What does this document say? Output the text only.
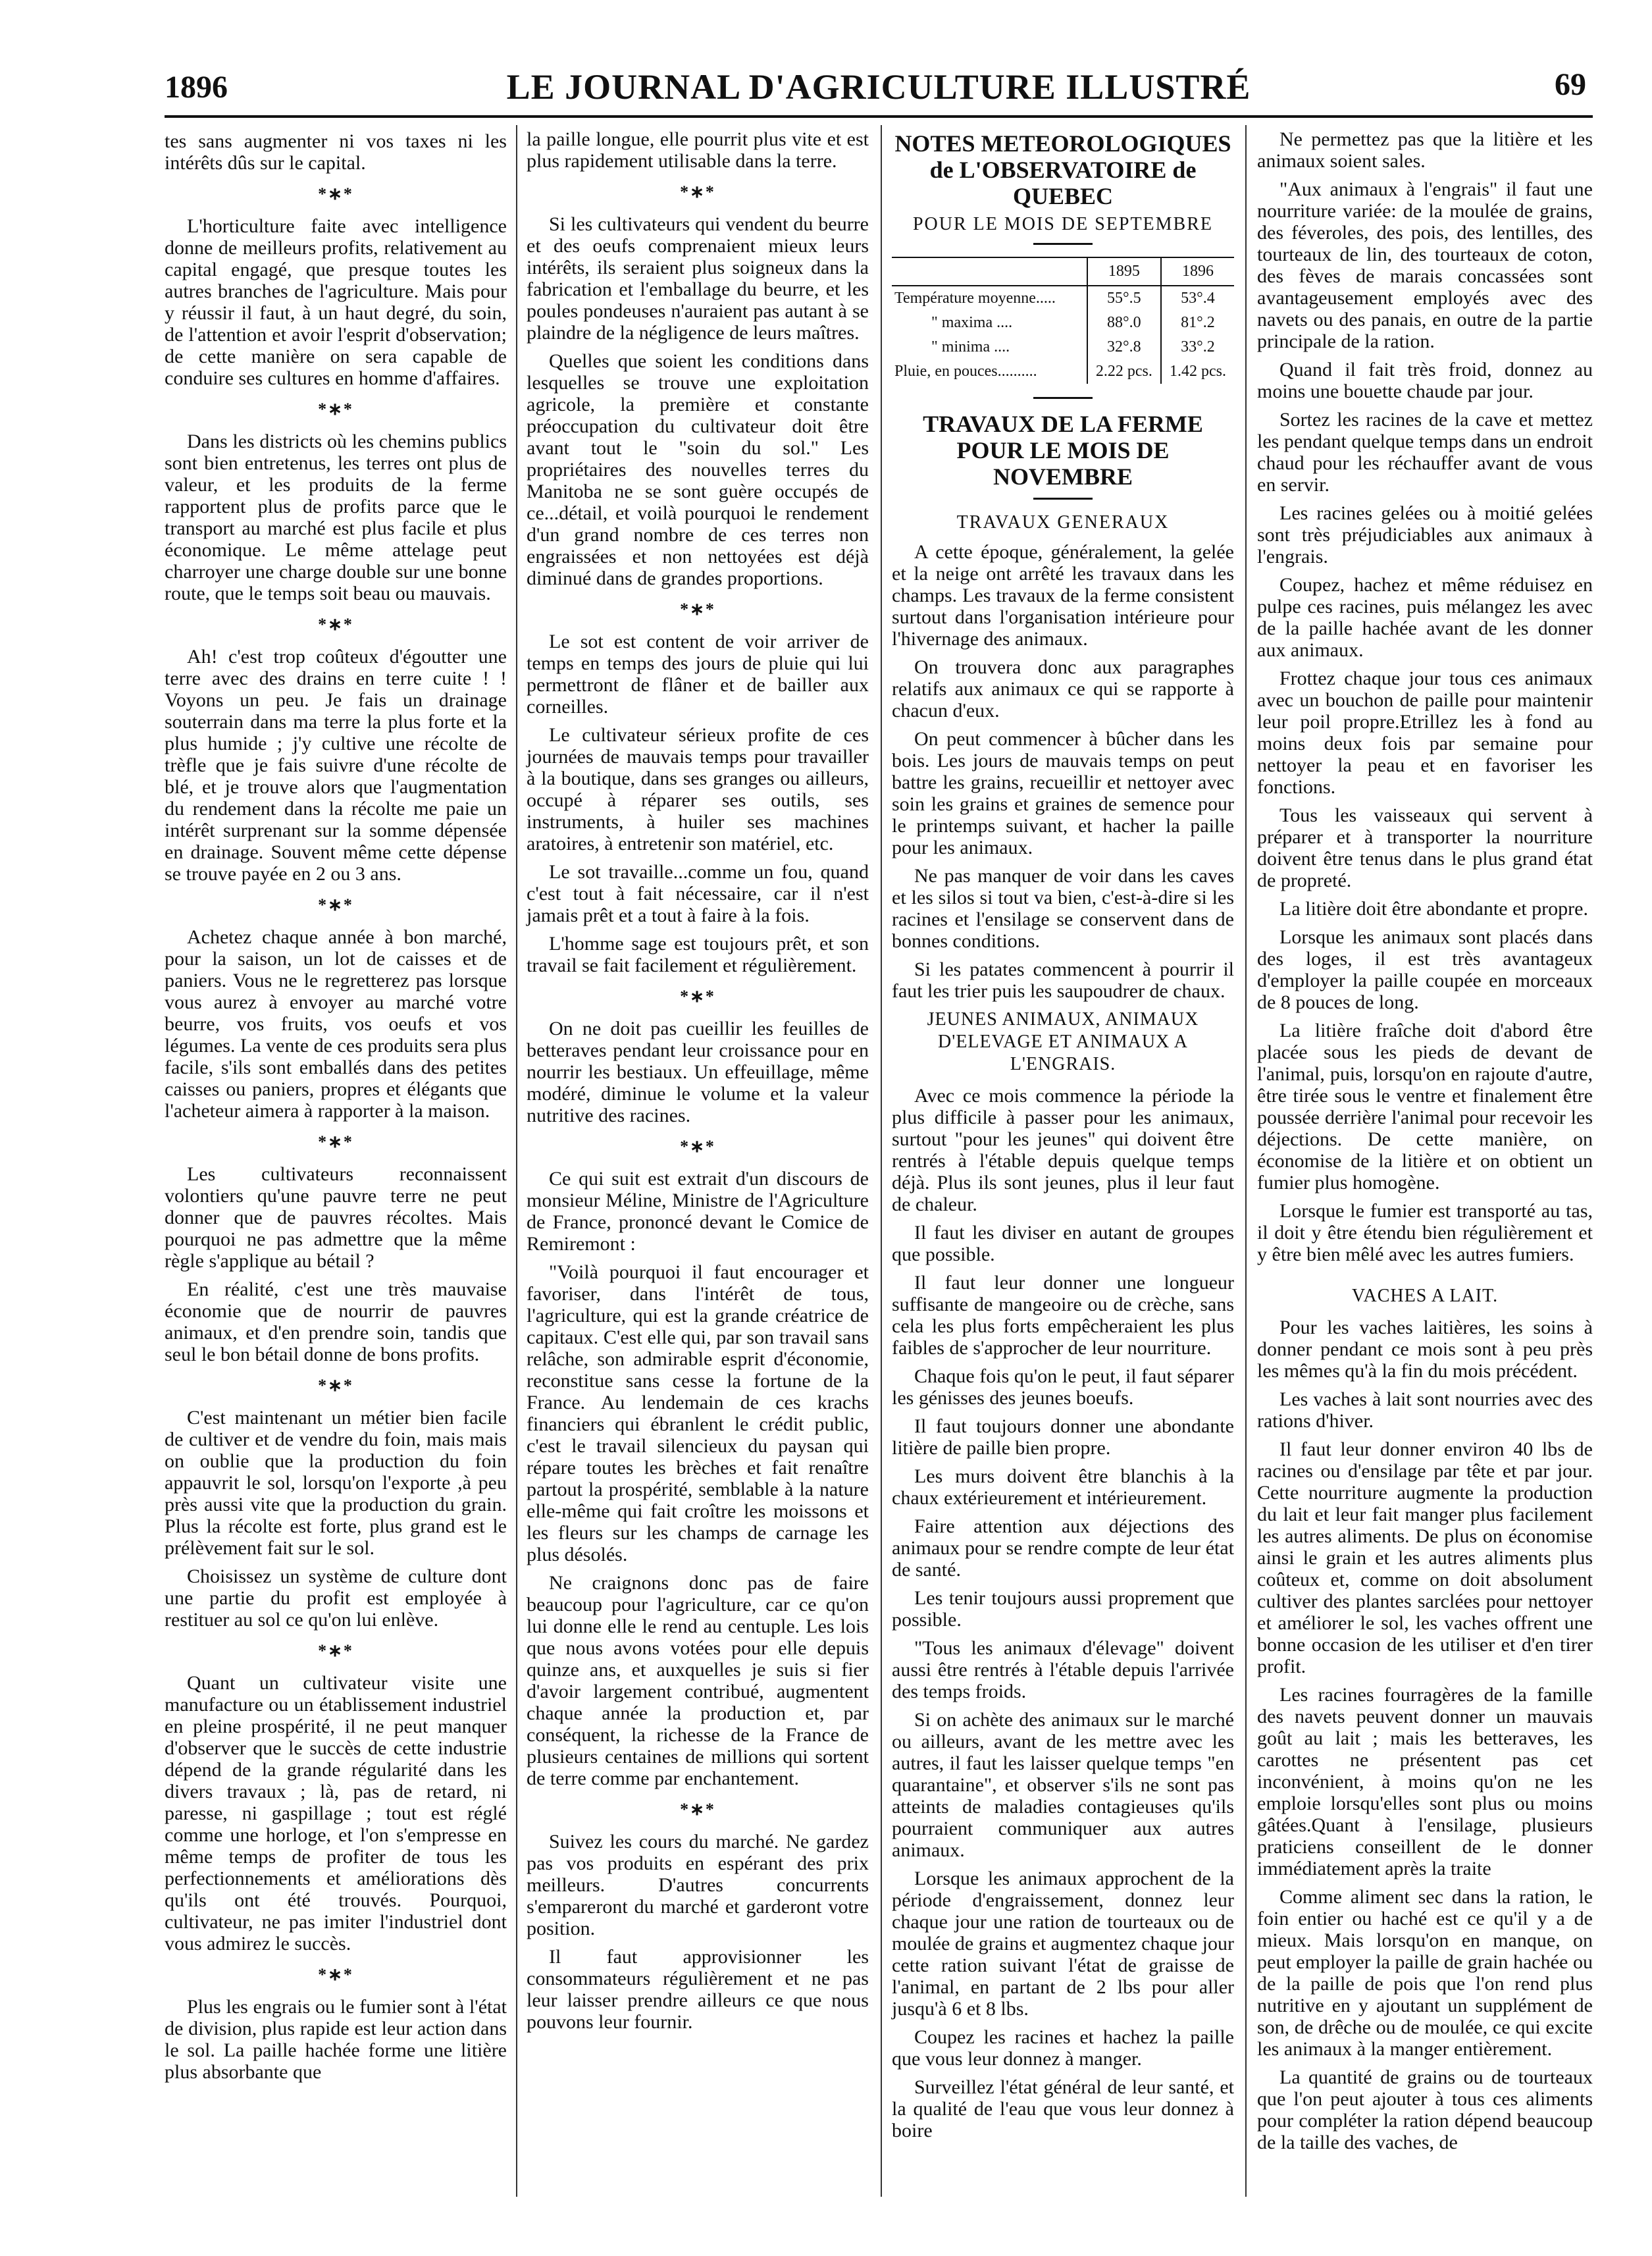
1896	LE JOURNAL D'AGRICULTURE ILLUSTRÉ	69

tes sans augmenter ni vos taxes ni les intérêts dûs sur le capital.

*∗*

L'horticulture faite avec intelligence donne de meilleurs profits, relativement au capital engagé, que presque toutes les autres branches de l'agriculture. Mais pour y réussir il faut, à un haut degré, du soin, de l'attention et avoir l'esprit d'observation; de cette manière on sera capable de conduire ses cultures en homme d'affaires.

*∗*

Dans les districts où les chemins publics sont bien entretenus, les terres ont plus de valeur, et les produits de la ferme rapportent plus de profits parce que le transport au marché est plus facile et plus économique. Le même attelage peut charroyer une charge double sur une bonne route, que le temps soit beau ou mauvais.

*∗*

Ah! c'est trop coûteux d'égoutter une terre avec des drains en terre cuite ! ! Voyons un peu. Je fais un drainage souterrain dans ma terre la plus forte et la plus humide ; j'y cultive une récolte de trèfle que je fais suivre d'une récolte de blé, et je trouve alors que l'augmentation du rendement dans la récolte me paie un intérêt surprenant sur la somme dépensée en drainage. Souvent même cette dépense se trouve payée en 2 ou 3 ans.

*∗*

Achetez chaque année à bon marché, pour la saison, un lot de caisses et de paniers. Vous ne le regretterez pas lorsque vous aurez à envoyer au marché votre beurre, vos fruits, vos oeufs et vos légumes. La vente de ces produits sera plus facile, s'ils sont emballés dans des petites caisses ou paniers, propres et élégants que l'acheteur aimera à rapporter à la maison.

*∗*

Les cultivateurs reconnaissent volontiers qu'une pauvre terre ne peut donner que de pauvres récoltes. Mais pourquoi ne pas admettre que la même règle s'applique au bétail ?

En réalité, c'est une très mauvaise économie que de nourrir de pauvres animaux, et d'en prendre soin, tandis que seul le bon bétail donne de bons profits.

*∗*

C'est maintenant un métier bien facile de cultiver et de vendre du foin, mais mais on oublie que la production du foin appauvrit le sol, lorsqu'on l'exporte ,à peu près aussi vite que la production du grain. Plus la récolte est forte, plus grand est le prélèvement fait sur le sol.

Choisissez un système de culture dont une partie du profit est employée à restituer au sol ce qu'on lui enlève.

*∗*

Quant un cultivateur visite une manufacture ou un établissement industriel en pleine prospérité, il ne peut manquer d'observer que le succès de cette industrie dépend de la grande régularité dans les divers travaux ; là, pas de retard, ni paresse, ni gaspillage ; tout est réglé comme une horloge, et l'on s'empresse en même temps de profiter de tous les perfectionnements et améliorations dès qu'ils ont été trouvés. Pourquoi, cultivateur, ne pas imiter l'industriel dont vous admirez le succès.

*∗*

Plus les engrais ou le fumier sont à l'état de division, plus rapide est leur action dans le sol. La paille hachée forme une litière plus absorbante que

la paille longue, elle pourrit plus vite et est plus rapidement utilisable dans la terre.

*∗*

Si les cultivateurs qui vendent du beurre et des oeufs comprenaient mieux leurs intérêts, ils seraient plus soigneux dans la fabrication et l'emballage du beurre, et les poules pondeuses n'auraient pas autant à se plaindre de la négligence de leurs maîtres.

Quelles que soient les conditions dans lesquelles se trouve une exploitation agricole, la première et constante préoccupation du cultivateur doit être avant tout le "soin du sol." Les propriétaires des nouvelles terres du Manitoba ne se sont guère occupés de ce...détail, et voilà pourquoi le rendement d'un grand nombre de ces terres non engraissées et non nettoyées est déjà diminué dans de grandes proportions.

*∗*

Le sot est content de voir arriver de temps en temps des jours de pluie qui lui permettront de flâner et de bailler aux corneilles.

Le cultivateur sérieux profite de ces journées de mauvais temps pour travailler à la boutique, dans ses granges ou ailleurs, occupé à réparer ses outils, ses instruments, à huiler ses machines aratoires, à entretenir son matériel, etc.

Le sot travaille...comme un fou, quand c'est tout à fait nécessaire, car il n'est jamais prêt et a tout à faire à la fois.

L'homme sage est toujours prêt, et son travail se fait facilement et régulièrement.

*∗*

On ne doit pas cueillir les feuilles de betteraves pendant leur croissance pour en nourrir les bestiaux. Un effeuillage, même modéré, diminue le volume et la valeur nutritive des racines.

*∗*

Ce qui suit est extrait d'un discours de monsieur Méline, Ministre de l'Agriculture de France, prononcé devant le Comice de Remiremont :

"Voilà pourquoi il faut encourager et favoriser, dans l'intérêt de tous, l'agriculture, qui est la grande créatrice de capitaux. C'est elle qui, par son travail sans relâche, son admirable esprit d'économie, reconstitue sans cesse la fortune de la France. Au lendemain de ces krachs financiers qui ébranlent le crédit public, c'est le travail silencieux du paysan qui répare toutes les brèches et fait renaître partout la prospérité, semblable à la nature elle-même qui fait croître les moissons et les fleurs sur les champs de carnage les plus désolés.

Ne craignons donc pas de faire beaucoup pour l'agriculture, car ce qu'on lui donne elle le rend au centuple. Les lois que nous avons votées pour elle depuis quinze ans, et auxquelles je suis si fier d'avoir largement contribué, augmentent chaque année la production et, par conséquent, la richesse de la France de plusieurs centaines de millions qui sortent de terre comme par enchantement.

*∗*

Suivez les cours du marché. Ne gardez pas vos produits en espérant des prix meilleurs. D'autres concurrents s'empareront du marché et garderont votre position.

Il faut approvisionner les consommateurs régulièrement et ne pas leur laisser prendre ailleurs ce que nous pouvons leur fournir.

NOTES METEOROLOGIQUES de L'OBSERVATOIRE de QUEBEC
POUR LE MOIS DE SEPTEMBRE
	1895	1896
Température moyenne.....	55°.5	53°.4
" maxima ....	88°.0	81°.2
" minima ....	32°.8	33°.2
Pluie, en pouces..........	2.22 pcs.	1.42 pcs.
TRAVAUX DE LA FERME POUR LE MOIS DE NOVEMBRE
TRAVAUX GENERAUX

A cette époque, généralement, la gelée et la neige ont arrêté les travaux dans les champs. Les travaux de la ferme consistent surtout dans l'organisation intérieure pour l'hivernage des animaux.

On trouvera donc aux paragraphes relatifs aux animaux ce qui se rapporte à chacun d'eux.

On peut commencer à bûcher dans les bois. Les jours de mauvais temps on peut battre les grains, recueillir et nettoyer avec soin les grains et graines de semence pour le printemps suivant, et hacher la paille pour les animaux.

Ne pas manquer de voir dans les caves et les silos si tout va bien, c'est-à-dire si les racines et l'ensilage se conservent dans de bonnes conditions.

Si les patates commencent à pourrir il faut les trier puis les saupoudrer de chaux.

JEUNES ANIMAUX, ANIMAUX D'ELEVAGE ET ANIMAUX A L'ENGRAIS.

Avec ce mois commence la période la plus difficile à passer pour les animaux, surtout "pour les jeunes" qui doivent être rentrés à l'étable depuis quelque temps déjà. Plus ils sont jeunes, plus il leur faut de chaleur.

Il faut les diviser en autant de groupes que possible.

Il faut leur donner une longueur suffisante de mangeoire ou de crèche, sans cela les plus forts empêcheraient les plus faibles de s'approcher de leur nourriture.

Chaque fois qu'on le peut, il faut séparer les génisses des jeunes boeufs.

Il faut toujours donner une abondante litière de paille bien propre.

Les murs doivent être blanchis à la chaux extérieurement et intérieurement.

Faire attention aux déjections des animaux pour se rendre compte de leur état de santé.

Les tenir toujours aussi proprement que possible.

"Tous les animaux d'élevage" doivent aussi être rentrés à l'étable depuis l'arrivée des temps froids.

Si on achète des animaux sur le marché ou ailleurs, avant de les mettre avec les autres, il faut les laisser quelque temps "en quarantaine", et observer s'ils ne sont pas atteints de maladies contagieuses qu'ils pourraient communiquer aux autres animaux.

Lorsque les animaux approchent de la période d'engraissement, donnez leur chaque jour une ration de tourteaux ou de moulée de grains et augmentez chaque jour cette ration suivant l'état de graisse de l'animal, en partant de 2 lbs pour aller jusqu'à 6 et 8 lbs.

Coupez les racines et hachez la paille que vous leur donnez à manger.

Surveillez l'état général de leur santé, et la qualité de l'eau que vous leur donnez à boire

Ne permettez pas que la litière et les animaux soient sales.

"Aux animaux à l'engrais" il faut une nourriture variée: de la moulée de grains, des féveroles, des pois, des lentilles, des tourteaux de lin, des tourteaux de coton, des fèves de marais concassées sont avantageusement employés avec des navets ou des panais, en outre de la partie principale de la ration.

Quand il fait très froid, donnez au moins une bouette chaude par jour.

Sortez les racines de la cave et mettez les pendant quelque temps dans un endroit chaud pour les réchauffer avant de vous en servir.

Les racines gelées ou à moitié gelées sont très préjudiciables aux animaux à l'engrais.

Coupez, hachez et même réduisez en pulpe ces racines, puis mélangez les avec de la paille hachée avant de les donner aux animaux.

Frottez chaque jour tous ces animaux avec un bouchon de paille pour maintenir leur poil propre.Etrillez les à fond au moins deux fois par semaine pour nettoyer la peau et en favoriser les fonctions.

Tous les vaisseaux qui servent à préparer et à transporter la nourriture doivent être tenus dans le plus grand état de propreté.

La litière doit être abondante et propre.

Lorsque les animaux sont placés dans des loges, il est très avantageux d'employer la paille coupée en morceaux de 8 pouces de long.

La litière fraîche doit d'abord être placée sous les pieds de devant de l'animal, puis, lorsqu'on en rajoute d'autre, être tirée sous le ventre et finalement être poussée derrière l'animal pour recevoir les déjections. De cette manière, on économise de la litière et on obtient un fumier plus homogène.

Lorsque le fumier est transporté au tas, il doit y être étendu bien régulièrement et y être bien mêlé avec les autres fumiers.

VACHES A LAIT.

Pour les vaches laitières, les soins à donner pendant ce mois sont à peu près les mêmes qu'à la fin du mois précédent.

Les vaches à lait sont nourries avec des rations d'hiver.

Il faut leur donner environ 40 lbs de racines ou d'ensilage par tête et par jour. Cette nourriture augmente la production du lait et leur fait manger plus facilement les autres aliments. De plus on économise ainsi le grain et les autres aliments plus coûteux et, comme on doit absolument cultiver des plantes sarclées pour nettoyer et améliorer le sol, les vaches offrent une bonne occasion de les utiliser et d'en tirer profit.

Les racines fourragères de la famille des navets peuvent donner un mauvais goût au lait ; mais les betteraves, les carottes ne présentent pas cet inconvénient, à moins qu'on ne les emploie lorsqu'elles sont plus ou moins gâtées.Quant à l'ensilage, plusieurs praticiens conseillent de le donner immédiatement après la traite

Comme aliment sec dans la ration, le foin entier ou haché est ce qu'il y a de mieux. Mais lorsqu'on en manque, on peut employer la paille de grain hachée ou de la paille de pois que l'on rend plus nutritive en y ajoutant un supplément de son, de drêche ou de moulée, ce qui excite les animaux à la manger entièrement.

La quantité de grains ou de tourteaux que l'on peut ajouter à tous ces aliments pour compléter la ration dépend beaucoup de la taille des vaches, de
